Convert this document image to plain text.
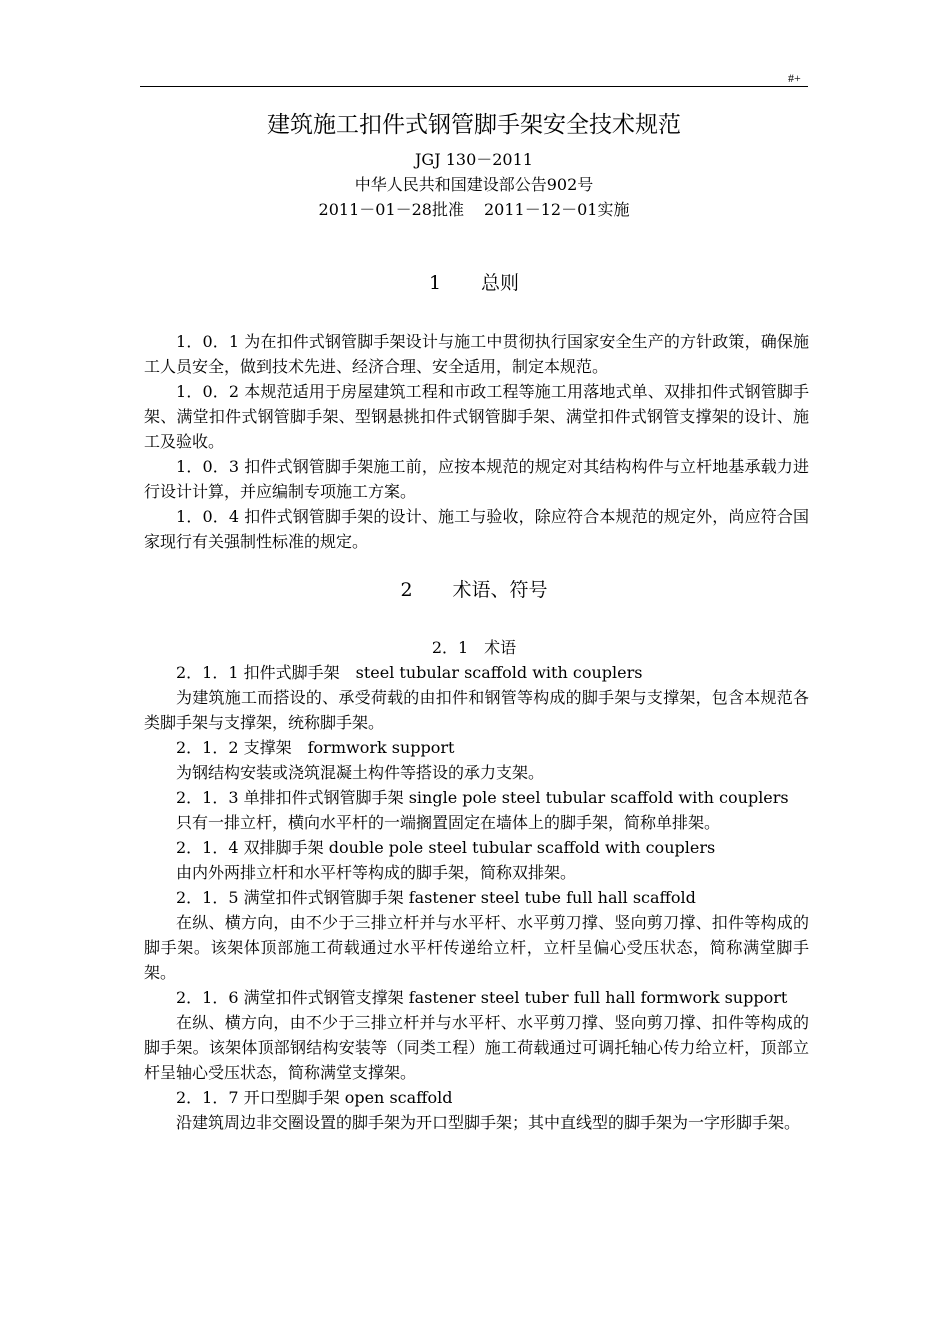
#+
建筑施工扣件式钢管脚手架安全技术规范
JGJ 130－2011
中华人民共和国建设部公告902号
2011－01－28批准 2011－12－01实施
1 总则

1．0．1 为在扣件式钢管脚手架设计与施工中贯彻执行国家安全生产的方针政策，确保施工人员安全，做到技术先进、经济合理、安全适用，制定本规范。

1．0．2 本规范适用于房屋建筑工程和市政工程等施工用落地式单、双排扣件式钢管脚手架、满堂扣件式钢管脚手架、型钢悬挑扣件式钢管脚手架、满堂扣件式钢管支撑架的设计、施工及验收。

1．0．3 扣件式钢管脚手架施工前，应按本规范的规定对其结构构件与立杆地基承载力进行设计计算，并应编制专项施工方案。

1．0．4 扣件式钢管脚手架的设计、施工与验收，除应符合本规范的规定外，尚应符合国家现行有关强制性标准的规定。

2 术语、符号
2．1　术语

2．1．1 扣件式脚手架　steel tubular scaffold with couplers

为建筑施工而搭设的、承受荷载的由扣件和钢管等构成的脚手架与支撑架，包含本规范各类脚手架与支撑架，统称脚手架。

2．1．2 支撑架　formwork support

为钢结构安装或浇筑混凝土构件等搭设的承力支架。

2．1．3 单排扣件式钢管脚手架 single pole steel tubular scaffold with couplers

只有一排立杆，横向水平杆的一端搁置固定在墙体上的脚手架，简称单排架。

2．1．4 双排脚手架 double pole steel tubular scaffold with couplers

由内外两排立杆和水平杆等构成的脚手架，简称双排架。

2．1．5 满堂扣件式钢管脚手架 fastener steel tube full hall scaffold

在纵、横方向，由不少于三排立杆并与水平杆、水平剪刀撑、竖向剪刀撑、扣件等构成的脚手架。该架体顶部施工荷载通过水平杆传递给立杆，立杆呈偏心受压状态，简称满堂脚手架。

2．1．6 满堂扣件式钢管支撑架 fastener steel tuber full hall formwork support

在纵、横方向，由不少于三排立杆并与水平杆、水平剪刀撑、竖向剪刀撑、扣件等构成的脚手架。该架体顶部钢结构安装等（同类工程）施工荷载通过可调托轴心传力给立杆，顶部立杆呈轴心受压状态，简称满堂支撑架。

2．1．7 开口型脚手架 open scaffold

沿建筑周边非交圈设置的脚手架为开口型脚手架；其中直线型的脚手架为一字形脚手架。
